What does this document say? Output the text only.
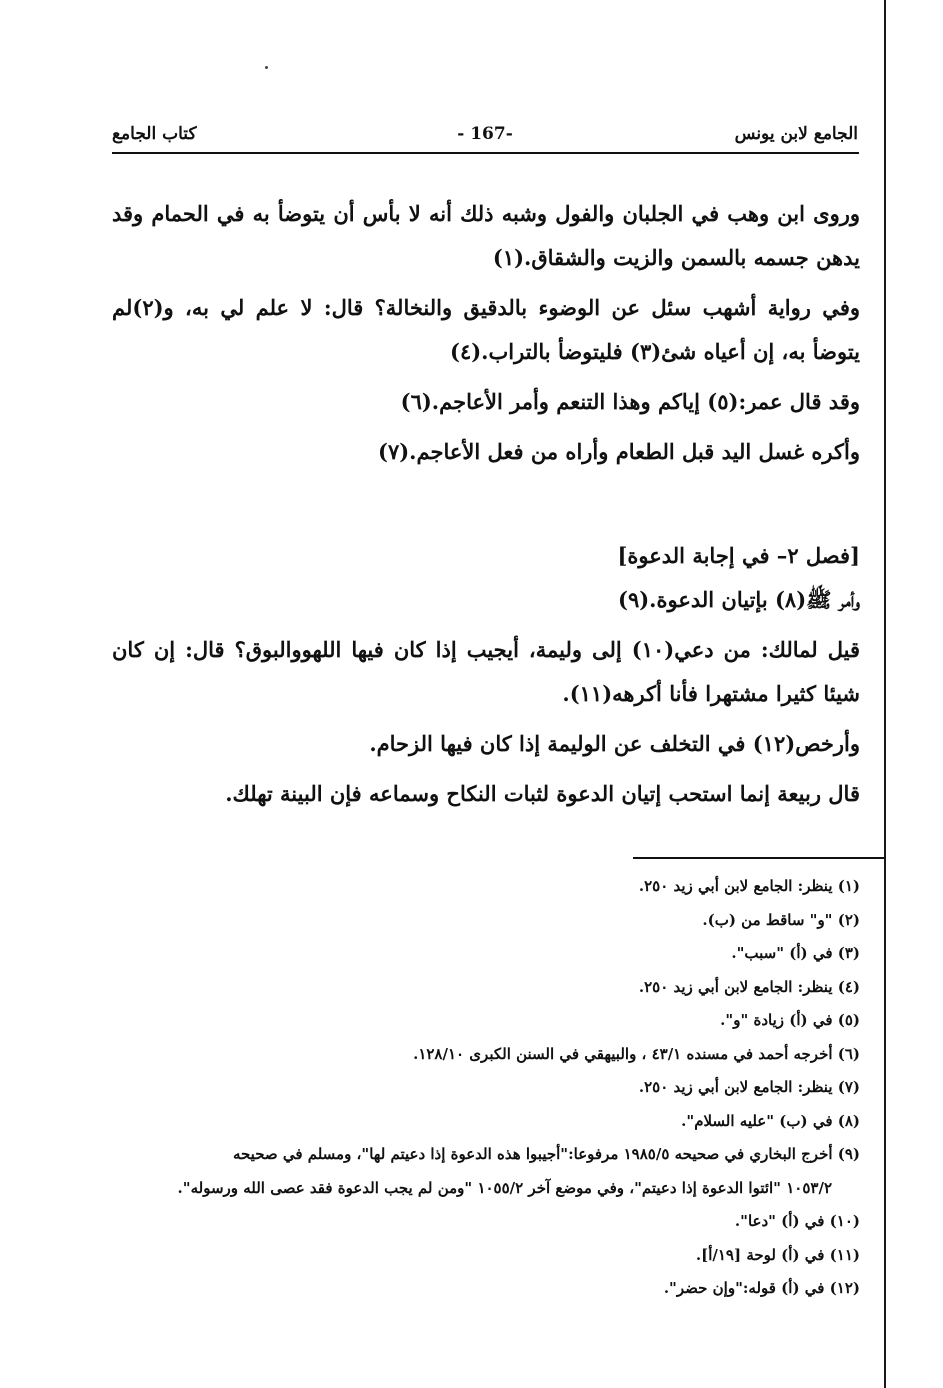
الجامع لابن يونس
-167 -
كتاب الجامع

وروى ابن وهب في الجلبان والفول وشبه ذلك أنه لا بأس أن يتوضأ به في الحمام وقد يدهن جسمه بالسمن والزيت والشقاق.(١)

وفي رواية أشهب سئل عن الوضوء بالدقيق والنخالة؟ قال: لا علم لي به، و(٢)لم يتوضأ به، إن أعياه شئ(٣) فليتوضأ بالتراب.(٤)

وقد قال عمر:(٥) إياكم وهذا التنعم وأمر الأعاجم.(٦)

وأكره غسل اليد قبل الطعام وأراه من فعل الأعاجم.(٧)

[فصل ٢– في إجابة الدعوة]

وأمر ﷺ(٨) بإتيان الدعوة.(٩)

قيل لمالك: من دعي(١٠) إلى وليمة، أيجيب إذا كان فيها اللهووالبوق؟ قال: إن كان شيئا كثيرا مشتهرا فأنا أكرهه(١١).

وأرخص(١٢) في التخلف عن الوليمة إذا كان فيها الزحام.

قال ربيعة إنما استحب إتيان الدعوة لثبات النكاح وسماعه فإن البينة تهلك.

(١) ينظر: الجامع لابن أبي زيد ٢٥٠.
(٢) "و" ساقط من (ب).
(٣) في (أ) "سبب".
(٤) ينظر: الجامع لابن أبي زيد ٢٥٠.
(٥) في (أ) زيادة "و".
(٦) أخرجه أحمد في مسنده ٤٣/١ ، والبيهقي في السنن الكبرى ١٢٨/١٠.
(٧) ينظر: الجامع لابن أبي زيد ٢٥٠.
(٨) في (ب) "عليه السلام".
(٩) أخرج البخاري في صحيحه ١٩٨٥/٥ مرفوعا:"أجيبوا هذه الدعوة إذا دعيتم لها"، ومسلم في صحيحه
١٠٥٣/٢ "ائتوا الدعوة إذا دعيتم"، وفي موضع آخر ١٠٥٥/٢ "ومن لم يجب الدعوة فقد عصى الله ورسوله".
(١٠) في (أ) "دعا".
(١١) في (أ) لوحة [١٩/أ].
(١٢) في (أ) قوله:"وإن حضر".
